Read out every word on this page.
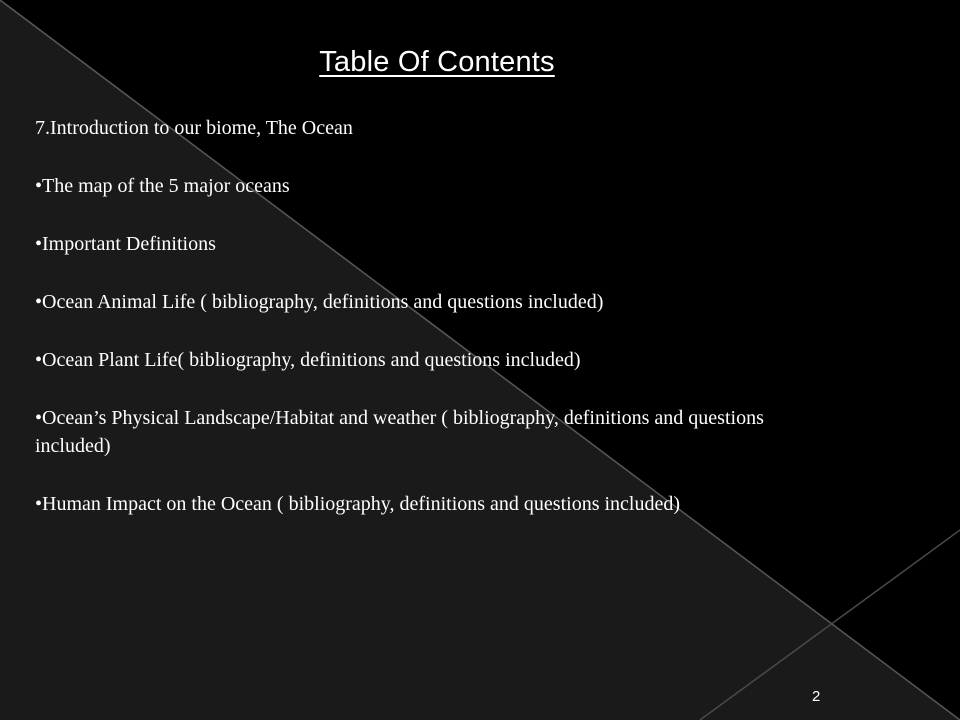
Table Of Contents

7.Introduction to our biome, The Ocean

•The map of the 5 major oceans

•Important Definitions

•Ocean Animal Life ( bibliography, definitions and questions included)

•Ocean Plant Life( bibliography, definitions and questions included)

•Ocean’s Physical Landscape/Habitat and weather ( bibliography, definitions and questions included)

•Human Impact on the Ocean ( bibliography, definitions and questions included)

2
